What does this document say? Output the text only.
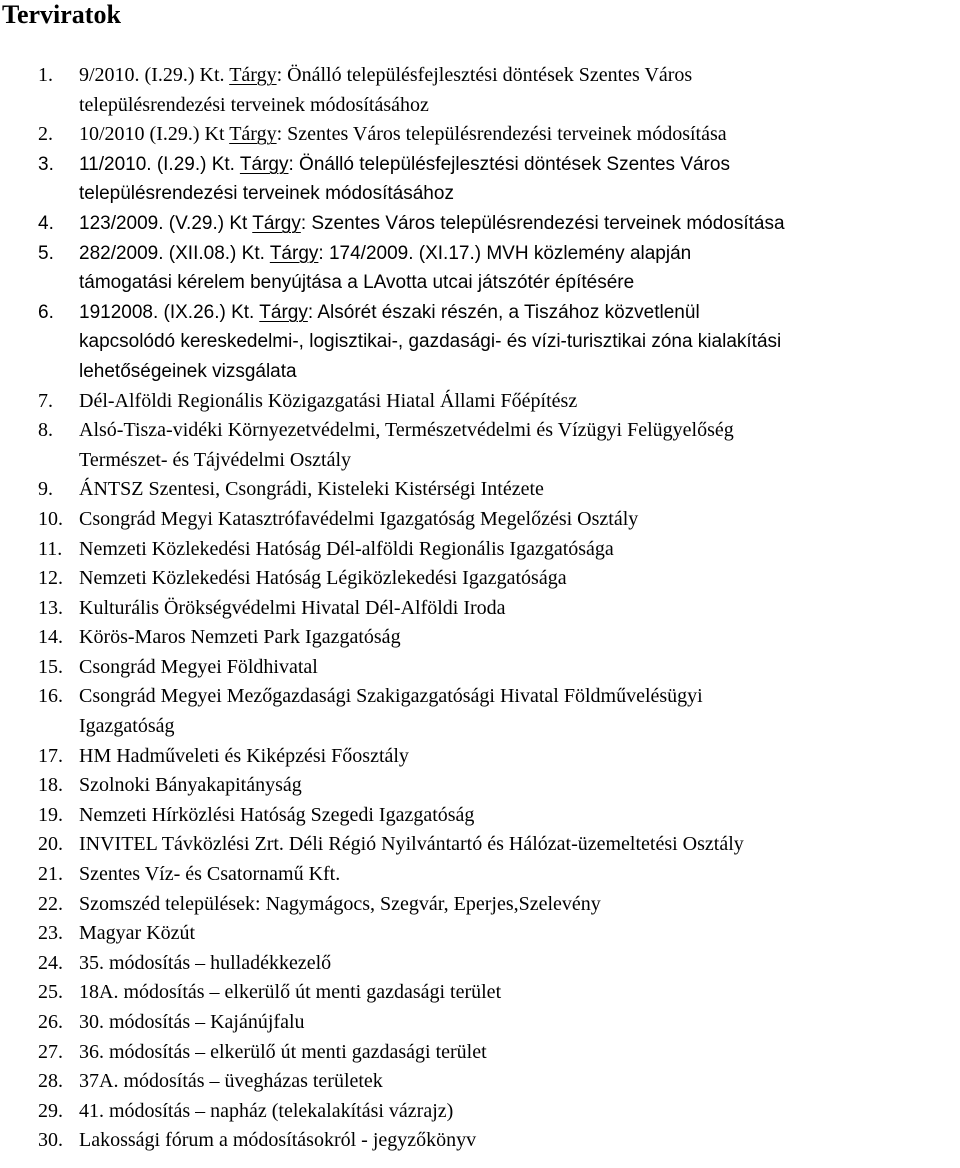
Terviratok
1. 9/2010. (I.29.) Kt. Tárgy: Önálló településfejlesztési döntések Szentes Város
településrendezési terveinek módosításához
2. 10/2010 (I.29.) Kt Tárgy: Szentes Város településrendezési terveinek módosítása
3. 11/2010. (I.29.) Kt. Tárgy: Önálló településfejlesztési döntések Szentes Város
településrendezési terveinek módosításához
4. 123/2009. (V.29.) Kt Tárgy: Szentes Város településrendezési terveinek módosítása
5. 282/2009. (XII.08.) Kt. Tárgy: 174/2009. (XI.17.) MVH közlemény alapján
támogatási kérelem benyújtása a LAvotta utcai játszótér építésére
6. 1912008. (IX.26.) Kt. Tárgy: Alsórét északi részén, a Tiszához közvetlenül
kapcsolódó kereskedelmi-, logisztikai-, gazdasági- és vízi-turisztikai zóna kialakítási
lehetőségeinek vizsgálata
7. Dél-Alföldi Regionális Közigazgatási Hiatal Állami Főépítész
8. Alsó-Tisza-vidéki Környezetvédelmi, Természetvédelmi és Vízügyi Felügyelőség
Természet- és Tájvédelmi Osztály
9. ÁNTSZ Szentesi, Csongrádi, Kisteleki Kistérségi Intézete
10. Csongrád Megyi Katasztrófavédelmi Igazgatóság Megelőzési Osztály
11. Nemzeti Közlekedési Hatóság Dél-alföldi Regionális Igazgatósága
12. Nemzeti Közlekedési Hatóság Légiközlekedési Igazgatósága
13. Kulturális Örökségvédelmi Hivatal Dél-Alföldi Iroda
14. Körös-Maros Nemzeti Park Igazgatóság
15. Csongrád Megyei Földhivatal
16. Csongrád Megyei Mezőgazdasági Szakigazgatósági Hivatal Földművelésügyi
Igazgatóság
17. HM Hadműveleti és Kiképzési Főosztály
18. Szolnoki Bányakapitányság
19. Nemzeti Hírközlési Hatóság Szegedi Igazgatóság
20. INVITEL Távközlési Zrt. Déli Régió Nyilvántartó és Hálózat-üzemeltetési Osztály
21. Szentes Víz- és Csatornamű Kft.
22. Szomszéd települések: Nagymágocs, Szegvár, Eperjes,Szelevény
23. Magyar Közút
24. 35. módosítás – hulladékkezelő
25. 18A. módosítás – elkerülő út menti gazdasági terület
26. 30. módosítás – Kajánújfalu
27. 36. módosítás – elkerülő út menti gazdasági terület
28. 37A. módosítás – üvegházas területek
29. 41. módosítás – napház (telekalakítási vázrajz)
30. Lakossági fórum a módosításokról - jegyzőkönyv
